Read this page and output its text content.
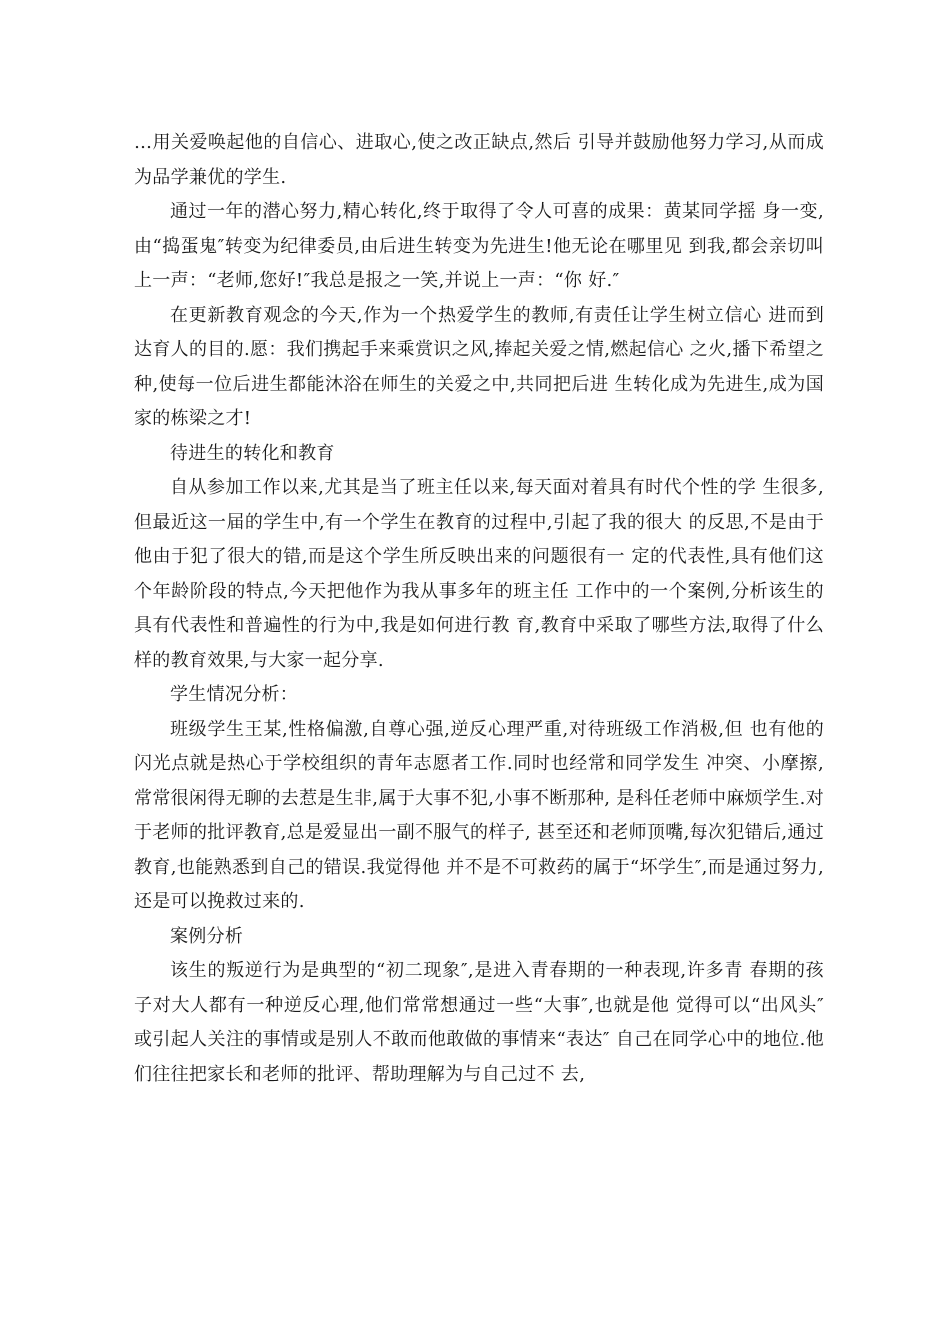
…用关爱唤起他的自信心、进取心,使之改正缺点,然后 引导并鼓励他努力学习,从而成为品学兼优的学生.

通过一年的潜心努力,精心转化,终于取得了令人可喜的成果：黄某同学摇 身一变,由“捣蛋鬼″转变为纪律委员,由后进生转变为先进生!他无论在哪里见 到我,都会亲切叫上一声：“老师,您好!″我总是报之一笑,并说上一声：“你 好.″

在更新教育观念的今天,作为一个热爱学生的教师,有责任让学生树立信心 进而到达育人的目的.愿：我们携起手来乘赏识之风,捧起关爱之情,燃起信心 之火,播下希望之种,使每一位后进生都能沐浴在师生的关爱之中,共同把后进 生转化成为先进生,成为国家的栋梁之才!

待进生的转化和教育

自从参加工作以来,尤其是当了班主任以来,每天面对着具有时代个性的学 生很多,但最近这一届的学生中,有一个学生在教育的过程中,引起了我的很大 的反思,不是由于他由于犯了很大的错,而是这个学生所反映出来的问题很有一 定的代表性,具有他们这个年龄阶段的特点,今天把他作为我从事多年的班主任 工作中的一个案例,分析该生的具有代表性和普遍性的行为中,我是如何进行教 育,教育中采取了哪些方法,取得了什么样的教育效果,与大家一起分享.

学生情况分析：

班级学生王某,性格偏激,自尊心强,逆反心理严重,对待班级工作消极,但 也有他的闪光点就是热心于学校组织的青年志愿者工作.同时也经常和同学发生 冲突、小摩擦,常常很闲得无聊的去惹是生非,属于大事不犯,小事不断那种, 是科任老师中麻烦学生.对于老师的批评教育,总是爱显出一副不服气的样子, 甚至还和老师顶嘴,每次犯错后,通过教育,也能熟悉到自己的错误.我觉得他 并不是不可救药的属于“坏学生″,而是通过努力,还是可以挽救过来的.

案例分析

该生的叛逆行为是典型的“初二现象″,是进入青春期的一种表现,许多青 春期的孩子对大人都有一种逆反心理,他们常常想通过一些“大事″,也就是他 觉得可以“出风头″或引起人关注的事情或是别人不敢而他敢做的事情来“表达″ 自己在同学心中的地位.他们往往把家长和老师的批评、帮助理解为与自己过不 去,
